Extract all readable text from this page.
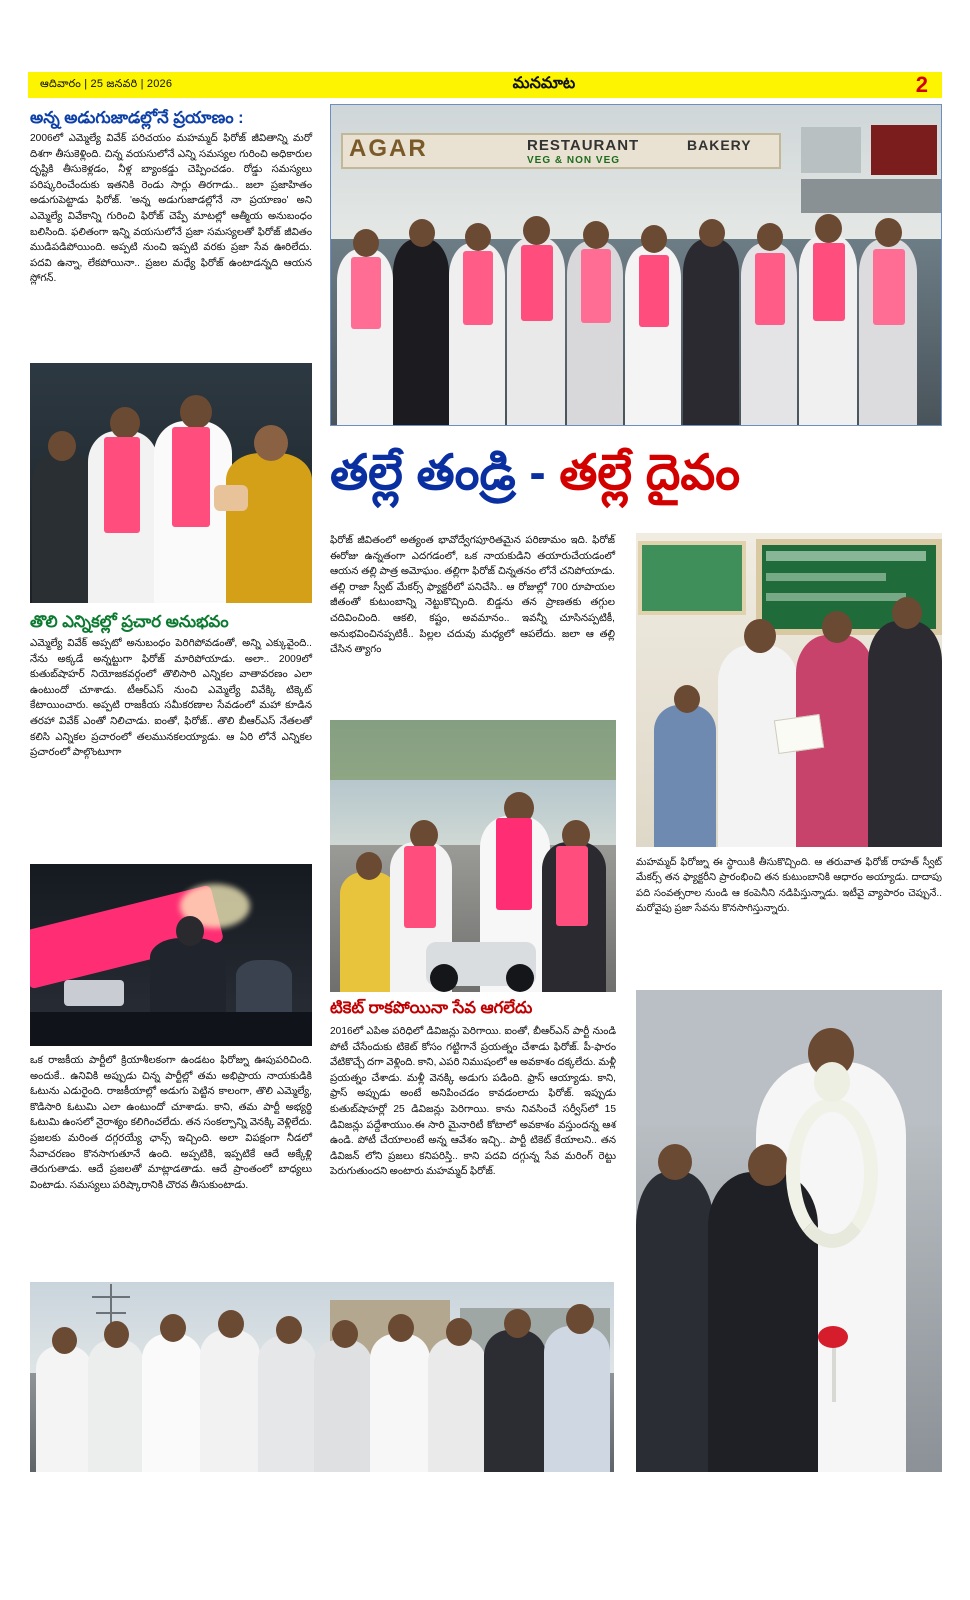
ఆదివారం | 25 జనవరి | 2026	మనమాట	2
అన్న అడుగుజాడల్లోనే ప్రయాణం :
2006లో ఎమ్మెల్యే వివేక్ పరిచయం మహమ్మద్ ఫిరోజ్ జీవితాన్ని మరో దిశగా తీసుకెళ్లింది. చిన్న వయసులోనే ఎన్ని సమస్యల గురించి అధికారుల దృష్టికి తీసుకెళ్లడం, నీళ్ల బ్యాంకడ్డు చెప్పించడం. రోడ్డు సమస్యలు పరిష్కరించేందుకు ఇతనికి రెండు సార్లు తిరగాడు.. జలా ప్రజాహితం అడుగుపెట్టాడు ఫిరోజ్. 'అన్న అడుగుజాడల్లోనే నా ప్రయాణం' అని ఎమ్మెల్యే వివేకాన్ని గురించి ఫిరోజ్ చెప్పే మాటల్లో ఆత్మీయ అనుబంధం బలిసింది. ఫలితంగా ఇన్ని వయసులోనే ప్రజా సమస్యలతో ఫిరోజ్ జీవితం ముడిపడిపోయింది. అప్పటి నుంచి ఇప్పటి వరకు ప్రజా సేవ ఊరిలేదు. పదవి ఉన్నా, లేకపోయినా.. ప్రజల మధ్యే ఫిరోజ్ ఉంటాడన్నది ఆయన స్లోగన్.
AGAR	RESTAURANT
VEG & NON VEG
BAKERY
తొలి ఎన్నికల్లో ప్రచార అనుభవం
ఎమ్మెల్యే వివేక్ అప్పటో అనుబంధం పెరిగిపోవడంతో, అన్ని ఎక్కువైంది.. నేను అక్కడే అన్నట్టుగా ఫిరోజ్ మారిపోయాడు. అలా.. 2009లో కుతుబ్‌షాహర్ నియోజకవర్గంలో తొలిసారి ఎన్నికల వాతావరణం ఎలా ఉంటుందో చూశాడు. టీఆర్ఎస్ నుంచి ఎమ్మెల్యే వివేక్కి టిక్కెట్ కేటాయించారు. అప్పటి రాజకీయ సమీకరణాల సేవడంలో మహా కూడిన తరహా వివేక్ ఎంతో నిలిచాడు. ఐంతో, ఫిరోజ్.. తొలి బీఆర్ఎస్ నేతలతో కలిసి ఎన్నికల ప్రచారంలో తలమునకలయ్యాడు. ఆ ఏరి లోనే ఎన్నికల ప్రచారంలో పాల్గొంటూగా
ఒక రాజకీయ పార్టీలో క్రియాశీలకంగా ఉండటం ఫిరోజ్ను ఊపుపరిచింది. అందుకే.. ఉనివికి అప్పుడు చిన్న పార్టీల్లో తమ అభిప్రాయ నాయకుడికి ఓటును ఎడురైంది. రాజకీయాల్లో అడుగు పెట్టిన కాలంగా, తొలి ఎమ్మెల్యే, కొడిసారి ఓటుమి ఎలా ఉంటుందో చూశాడు. కాని, తమ పార్టీ అభ్యర్థి ఓటుమి ఉంసలో నైరాశ్యం కలిగించలేదు. తన సంకల్పాన్ని వెనక్కి వెళ్లిలేదు. ప్రజలకు మరింత దగ్గరయ్యే ఛాన్స్ ఇచ్చింది. అలా విపక్షంగా నీడలో సేవాచరణం కొనసాగుతూనే ఉంది. అప్పటికి, ఇప్పటికే ఆదే అక్కేళ్లి తెరుగుతాడు. ఆదే ప్రజలతో మాట్లాడతాడు. ఆదే ప్రాంతంలో బాధ్యలు వింటాడు. సమస్యలు పరిష్కారానికి చొరవ తీసుకుంటాడు.
ఫిరోజ్ జీవితంలో అత్యంత భావోద్వేగపూరితమైన పరిణామం ఇది. ఫిరోజ్ ఈరోజు ఉన్నతంగా ఎదగడంలో, ఒక నాయకుడిని తయారుచేయడంలో ఆయన తల్లి పాత్ర అమోఘం. తల్లిగా ఫిరోజ్ చిన్నతనం లోనే చనిపోయాడు. తల్లి రాజా స్వీట్ మేకర్స్ ఫ్యాక్టరీలో పనిచేసి.. ఆ రోజుల్లో 700 రూపాయల జీతంతో కుటుంబాన్ని నెట్టుకొచ్చింది. బిడ్డను తన ప్రాణతకు తగ్గుల చదివించింది. ఆకలి, కష్టం, అవమానం.. ఇవన్నీ చూసినప్పటికీ, అనుభవించినప్పటికీ.. పిల్లల చదువు మధ్యలో ఆపలేదు. జలా ఆ తల్లి చేసిన త్యాగం
టికెట్ రాకపోయినా సేవ ఆగలేదు
2016లో ఎపిఅ పరిధిలో డివిజన్లు పెరిగాయి. ఐంతో, బీఆర్ఎన్ పార్టీ నుండి పోటీ చేసేందుకు టికెట్ కోసం గట్టిగానే ప్రయత్నం చేశాడు ఫిరోజ్. పీ-ఫారం వేటికొచ్చే దగా వెళ్లింది. కాని, ఎపరి నిముషంలో ఆ అవకాశం దక్కలేదు. మళ్లీ ప్రయత్నం చేశాడు. మళ్లీ వెనక్కి అడుగు పడింది. ఫ్రాస్ ఆయ్యాడు. కాని, ఫ్రాస్ అప్పుడు అంటే అనిపించడం కావడంలాదు ఫిరోజ్. ఇప్పుడు కుతుబ్‌షాహర్లో 25 డివిజన్లు పెరిగాయి. కాను నివసించే సర్వీస్‌లో 15 డివిజన్లు పద్దేశాయుం.ఈ సారి మైనారిటీ కోటాలో అవకాశం వస్తుందన్న ఆశ ఉండి. పోటీ చేయాలంటే అన్న ఆవేశం ఇచ్చి.. పార్టీ టికెట్ కేయాలని.. తన డివిజన్ లోని ప్రజలు కనిపరిస్తి.. కాని పదవి దగ్గున్న సేవ మరింగ్ రెట్టు పెరుగుతుందని అంటారు మహమ్మద్ ఫిరోజ్.
మహమ్మద్ ఫిరోజ్ను ఈ స్థాయికి తీసుకొచ్చింది. ఆ తరువాత ఫిరోజ్ రాహత్ స్వీట్ మేకర్స్ తన ఫ్యాక్టరీని ప్రారంభించి తన కుటుంబానికి ఆధారం అయ్యాడు. దాదాపు పది సంవత్సరాల నుండి ఆ కంపెనీని నడిపిస్తున్నాడు. ఇటీవై వ్యాపారం చెప్పునే.. మరోవైపు ప్రజా సేవను కొనసాగిస్తున్నారు.
తల్లే తండ్రి - తల్లే దైవం
